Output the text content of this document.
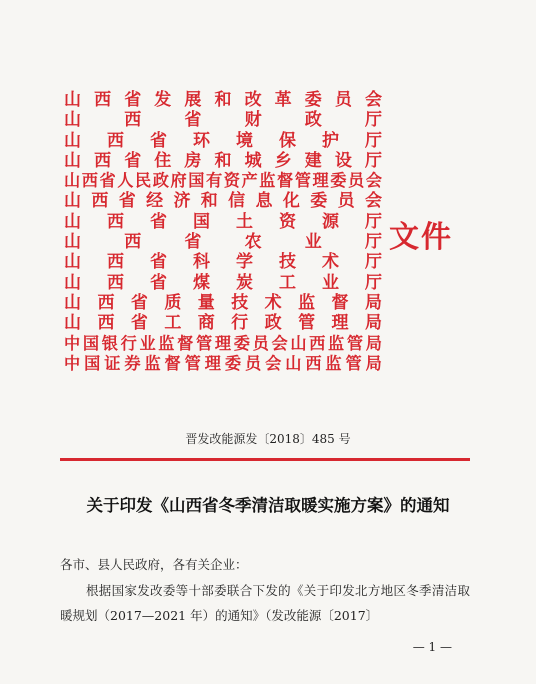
山 西 省 发 展 和 改 革 委 员 会
山	西	省	财	政	厅
山 西 省 环 境 保 护 厅
山 西 省 住 房 和 城 乡 建 设 厅
山 西 省 人 民 政 府 国 有 资 产 监 督 管 理 委 员 会
山 西 省 经 济 和 信 息 化 委 员 会
山 西 省 国 土 资 源 厅
山	西	省	农	业	厅
山 西 省 科 学 技 术 厅
山 西 省 煤 炭 工 业 厅
山 西 省 质 量 技 术 监 督 局
山 西 省 工 商 行 政 管 理 局
中 国 银 行 业 监 督 管 理 委 员 会 山 西 监 管 局
中 国 证 券 监 督 管 理 委 员 会 山 西 监 管 局
文件
晋发改能源发〔2018〕485 号
关于印发《山西省冬季清洁取暖实施方案》的通知
各市、县人民政府，各有关企业：
根据国家发改委等十部委联合下发的《关于印发北方地区冬季清洁取暖规划（2017—2021 年）的通知》（发改能源〔2017〕
— 1 —
